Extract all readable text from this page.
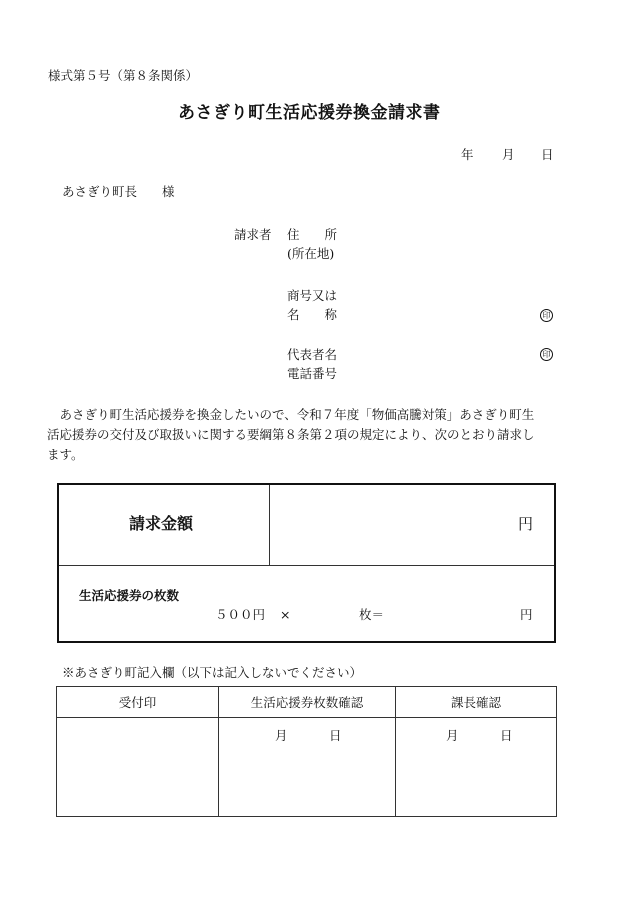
様式第５号（第８条関係）
あさぎり町生活応援券換金請求書
年 月 日
あさぎり町長　　様
請求者 住　　所
(所在地)
商号又は
名　　称	印
代表者名	印
電話番号
　あさぎり町生活応援券を換金したいので、令和７年度「物価高騰対策」あさぎり町生
活応援券の交付及び取扱いに関する要綱第８条第２項の規定により、次のとおり請求し
ます。
請求金額	円
生活応援券の枚数
５００円 ×	枚＝	円
※あさぎり町記入欄（以下は記入しないでください）
受付印	生活応援券枚数確認	課長確認

	月 日	月 日
